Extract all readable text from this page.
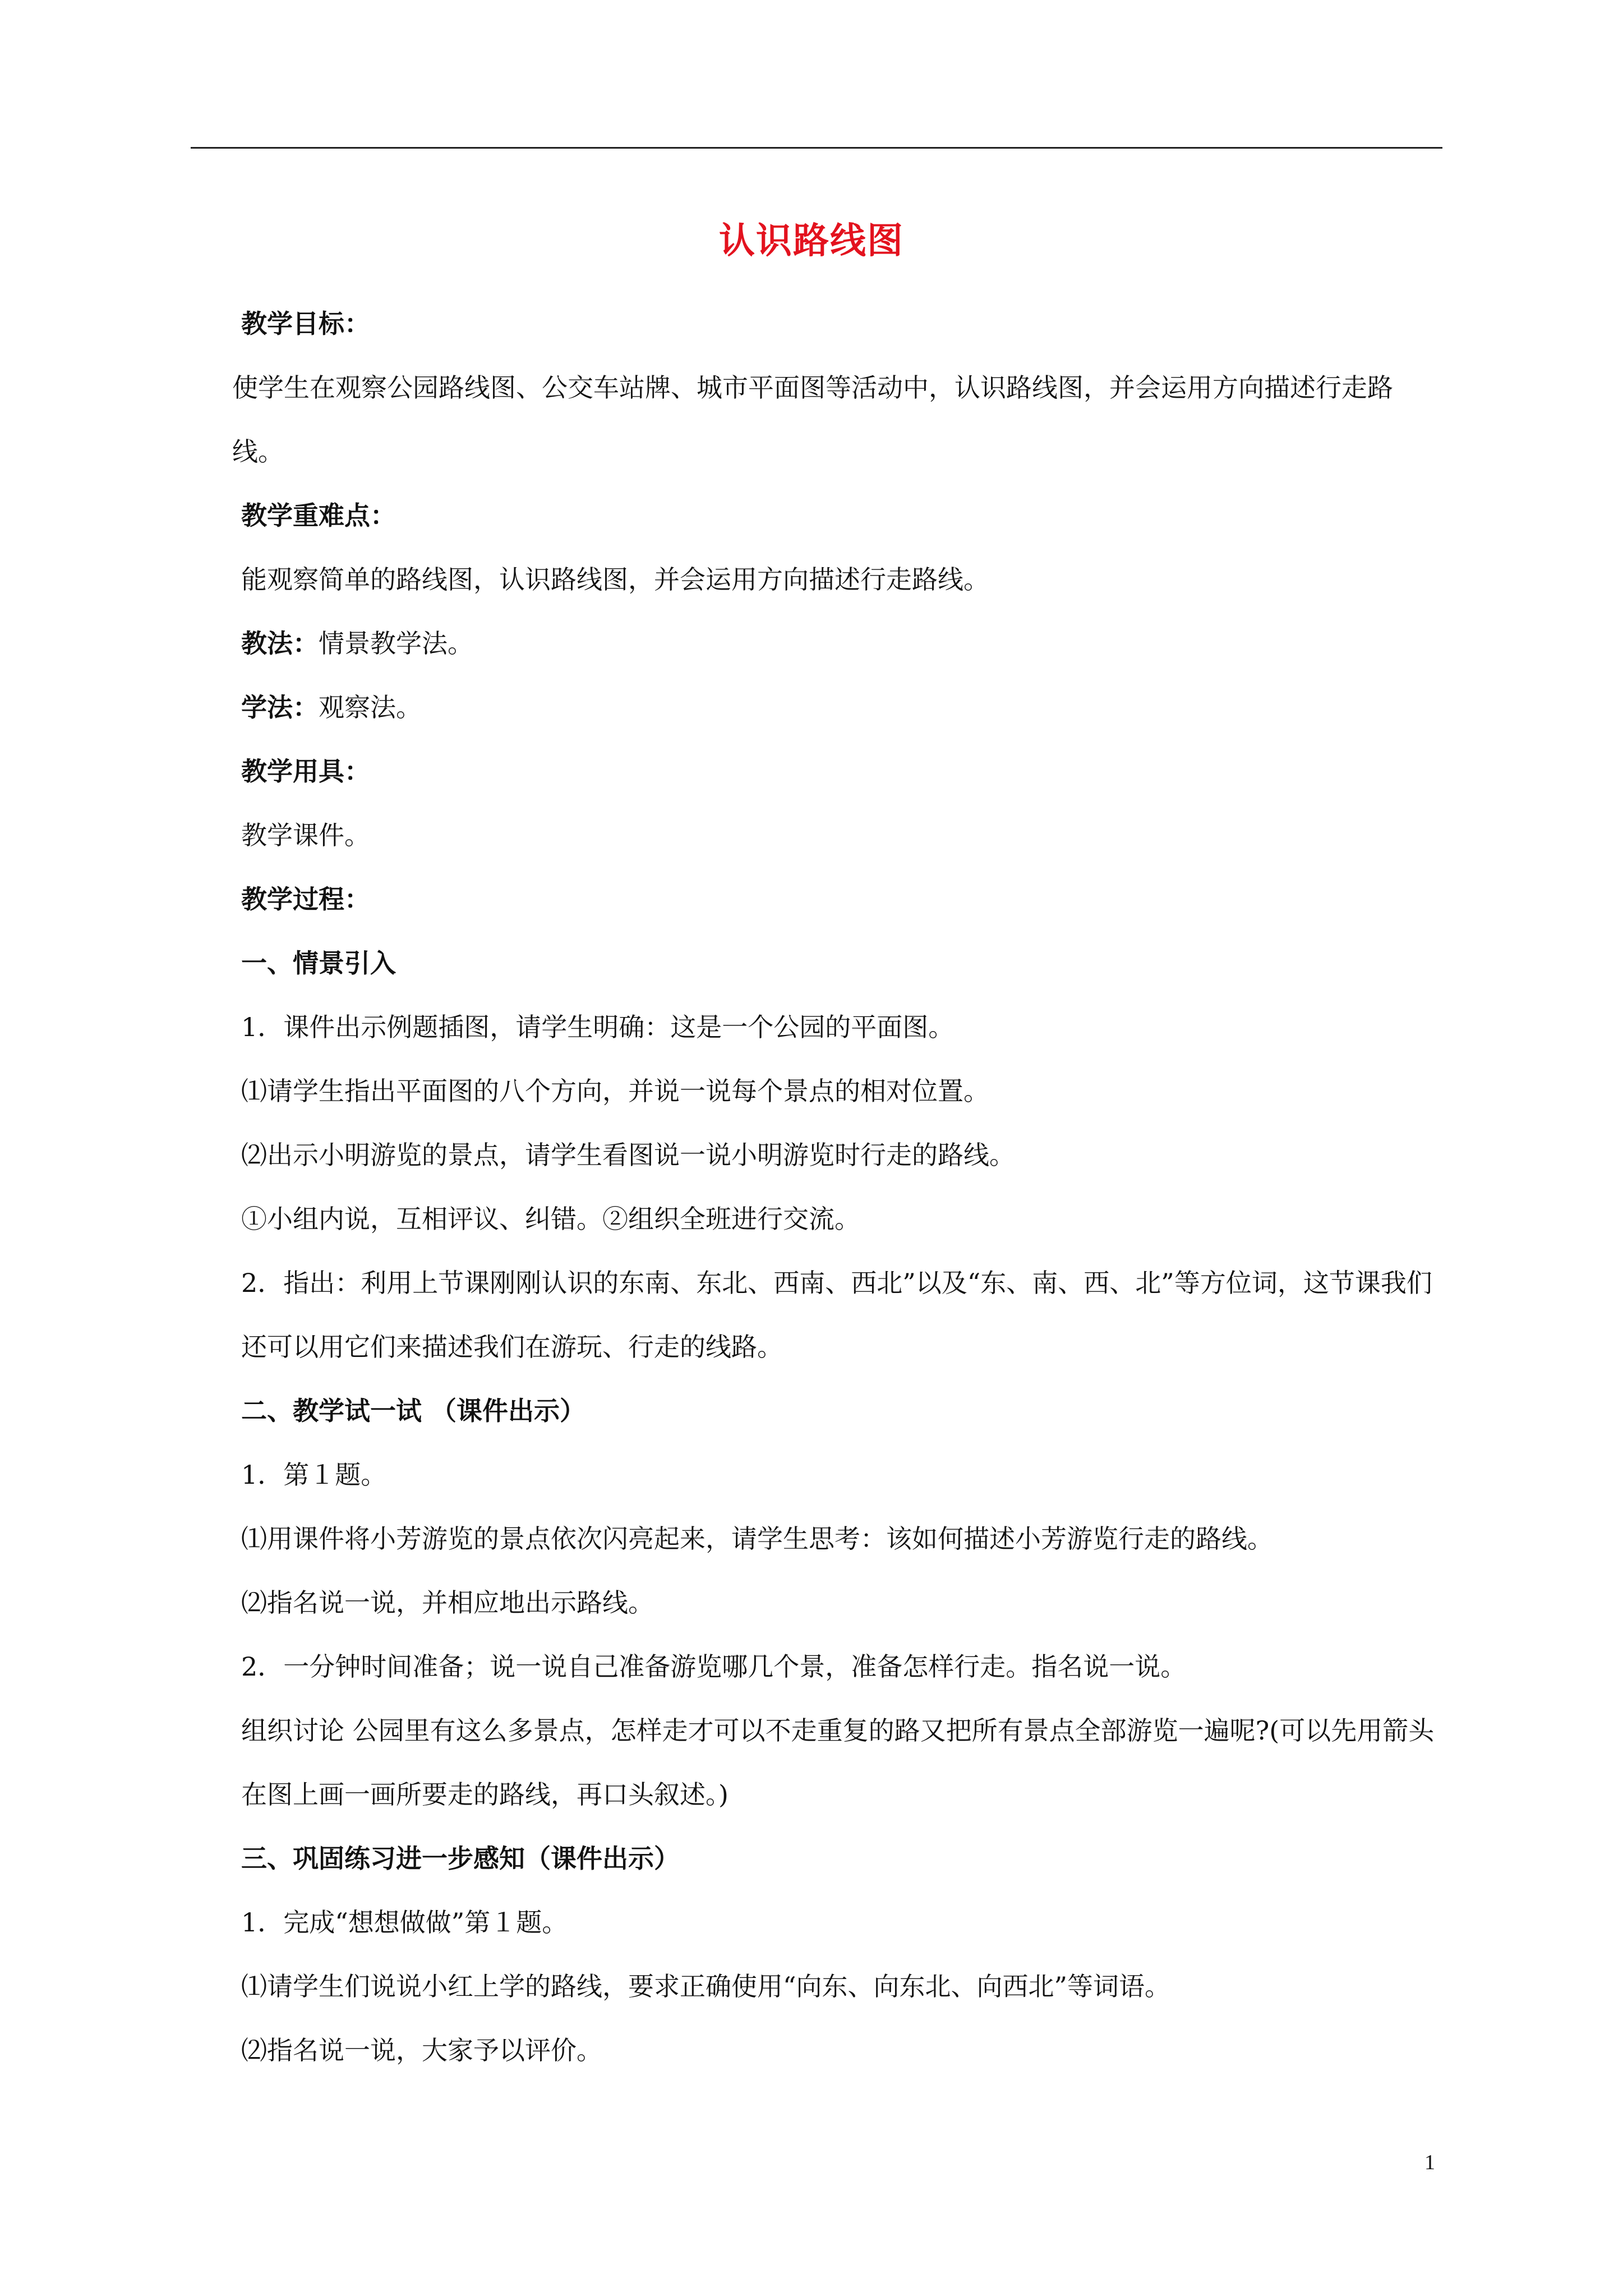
认识路线图
教学目标：
使学生在观察公园路线图、公交车站牌、城市平面图等活动中，认识路线图，并会运用方向描述行走路线。
教学重难点：
能观察简单的路线图，认识路线图，并会运用方向描述行走路线。
教法：情景教学法。
学法：观察法。
教学用具：
教学课件。
教学过程：
一、情景引入
1．课件出示例题插图，请学生明确：这是一个公园的平面图。
⑴请学生指出平面图的八个方向，并说一说每个景点的相对位置。
⑵出示小明游览的景点，请学生看图说一说小明游览时行走的路线。
①小组内说，互相评议、纠错。②组织全班进行交流。
2．指出：利用上节课刚刚认识的东南、东北、西南、西北”以及“东、南、西、北”等方位词，这节课我们还可以用它们来描述我们在游玩、行走的线路。
二、教学试一试 （课件出示）
1．第１题。
⑴用课件将小芳游览的景点依次闪亮起来，请学生思考：该如何描述小芳游览行走的路线。
⑵指名说一说，并相应地出示路线。
2．一分钟时间准备；说一说自己准备游览哪几个景，准备怎样行走。指名说一说。
组织讨论 公园里有这么多景点，怎样走才可以不走重复的路又把所有景点全部游览一遍呢?(可以先用箭头在图上画一画所要走的路线，再口头叙述。)
三、巩固练习进一步感知（课件出示）
1．完成“想想做做”第１题。
⑴请学生们说说小红上学的路线，要求正确使用“向东、向东北、向西北”等词语。
⑵指名说一说，大家予以评价。
1
